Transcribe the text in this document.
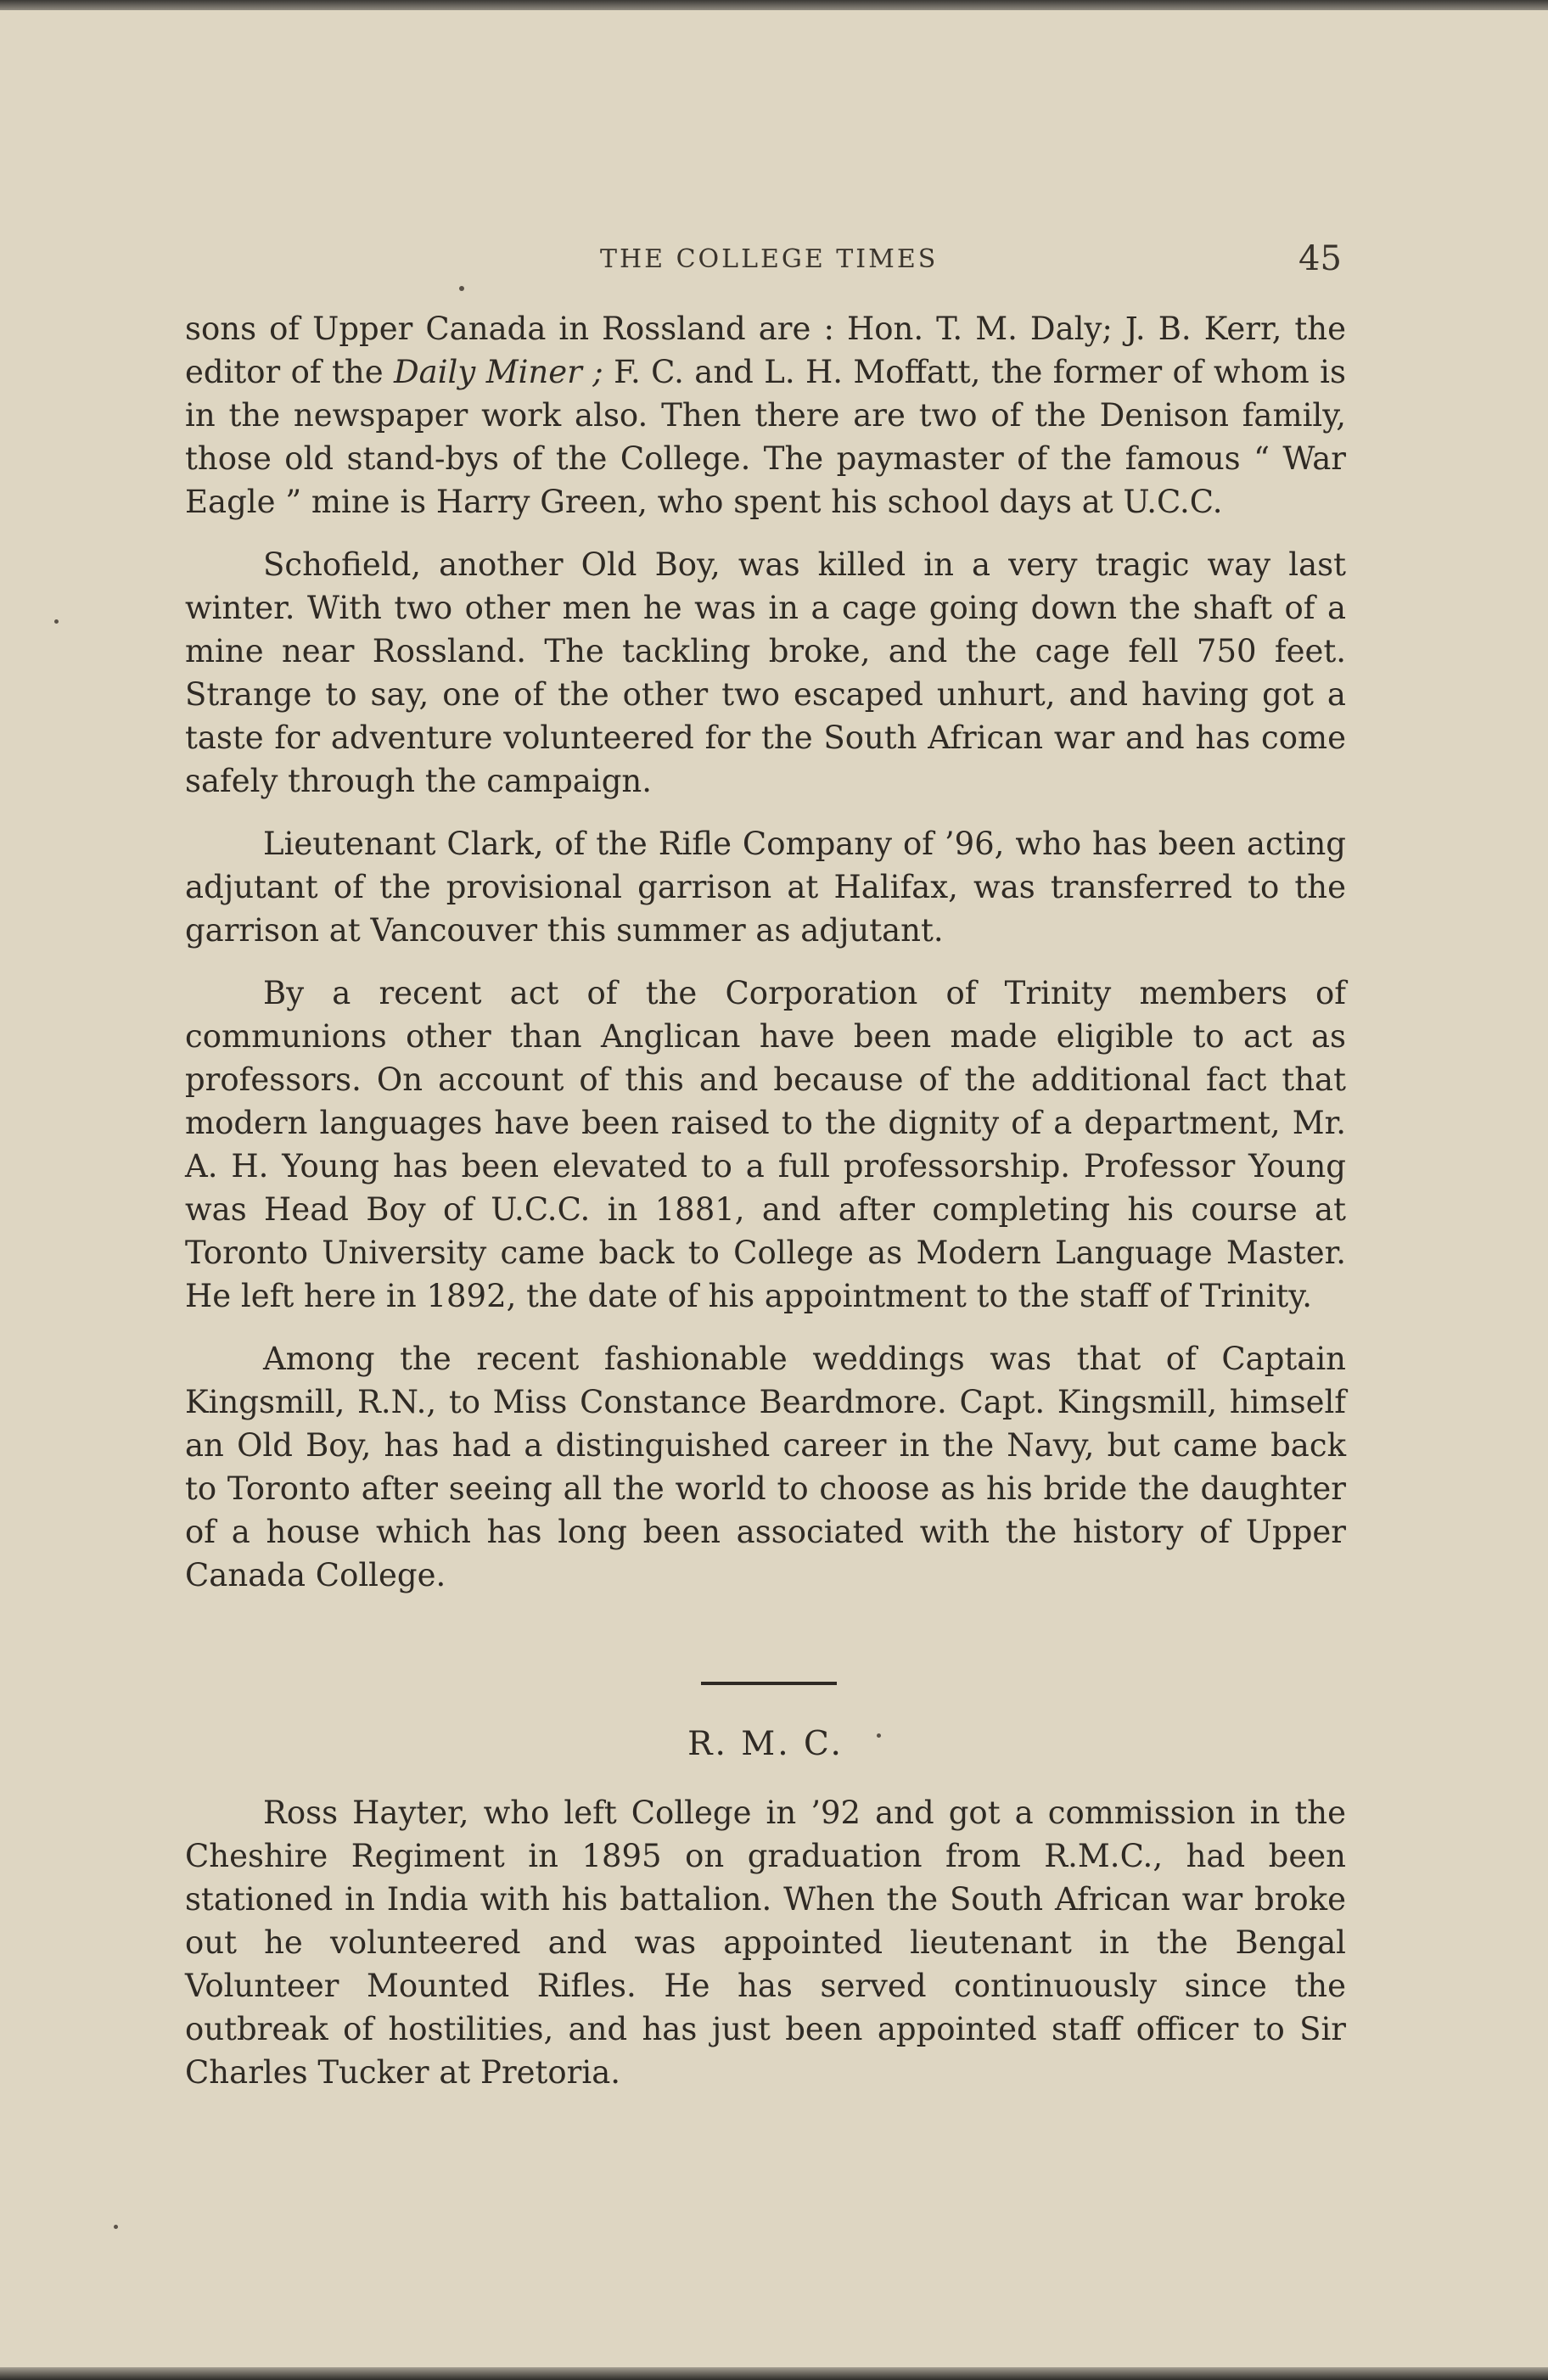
THE COLLEGE TIMES	45

sons of Upper Canada in Rossland are : Hon. T. M. Daly; J. B. Kerr, the editor of the Daily Miner ; F. C. and L. H. Moffatt, the former of whom is in the newspaper work also. Then there are two of the Denison family, those old stand-bys of the College. The paymaster of the famous “ War Eagle ” mine is Harry Green, who spent his school days at U.C.C.

Schofield, another Old Boy, was killed in a very tragic way last winter. With two other men he was in a cage going down the shaft of a mine near Rossland. The tackling broke, and the cage fell 750 feet. Strange to say, one of the other two escaped unhurt, and having got a taste for adventure volunteered for the South African war and has come safely through the campaign.

Lieutenant Clark, of the Rifle Company of ’96, who has been acting adjutant of the provisional garrison at Halifax, was transferred to the garrison at Vancouver this summer as adjutant.

By a recent act of the Corporation of Trinity members of communions other than Anglican have been made eligible to act as professors. On account of this and because of the additional fact that modern languages have been raised to the dignity of a department, Mr. A. H. Young has been elevated to a full professorship. Professor Young was Head Boy of U.C.C. in 1881, and after completing his course at Toronto University came back to College as Modern Language Master. He left here in 1892, the date of his appointment to the staff of Trinity.

Among the recent fashionable weddings was that of Captain Kingsmill, R.N., to Miss Constance Beardmore. Capt. Kingsmill, himself an Old Boy, has had a distinguished career in the Navy, but came back to Toronto after seeing all the world to choose as his bride the daughter of a house which has long been associated with the history of Upper Canada College.

R. M. C.

Ross Hayter, who left College in ’92 and got a commission in the Cheshire Regiment in 1895 on graduation from R.M.C., had been stationed in India with his battalion. When the South African war broke out he volunteered and was appointed lieutenant in the Bengal Volunteer Mounted Rifles. He has served continuously since the outbreak of hostilities, and has just been appointed staff officer to Sir Charles Tucker at Pretoria.
